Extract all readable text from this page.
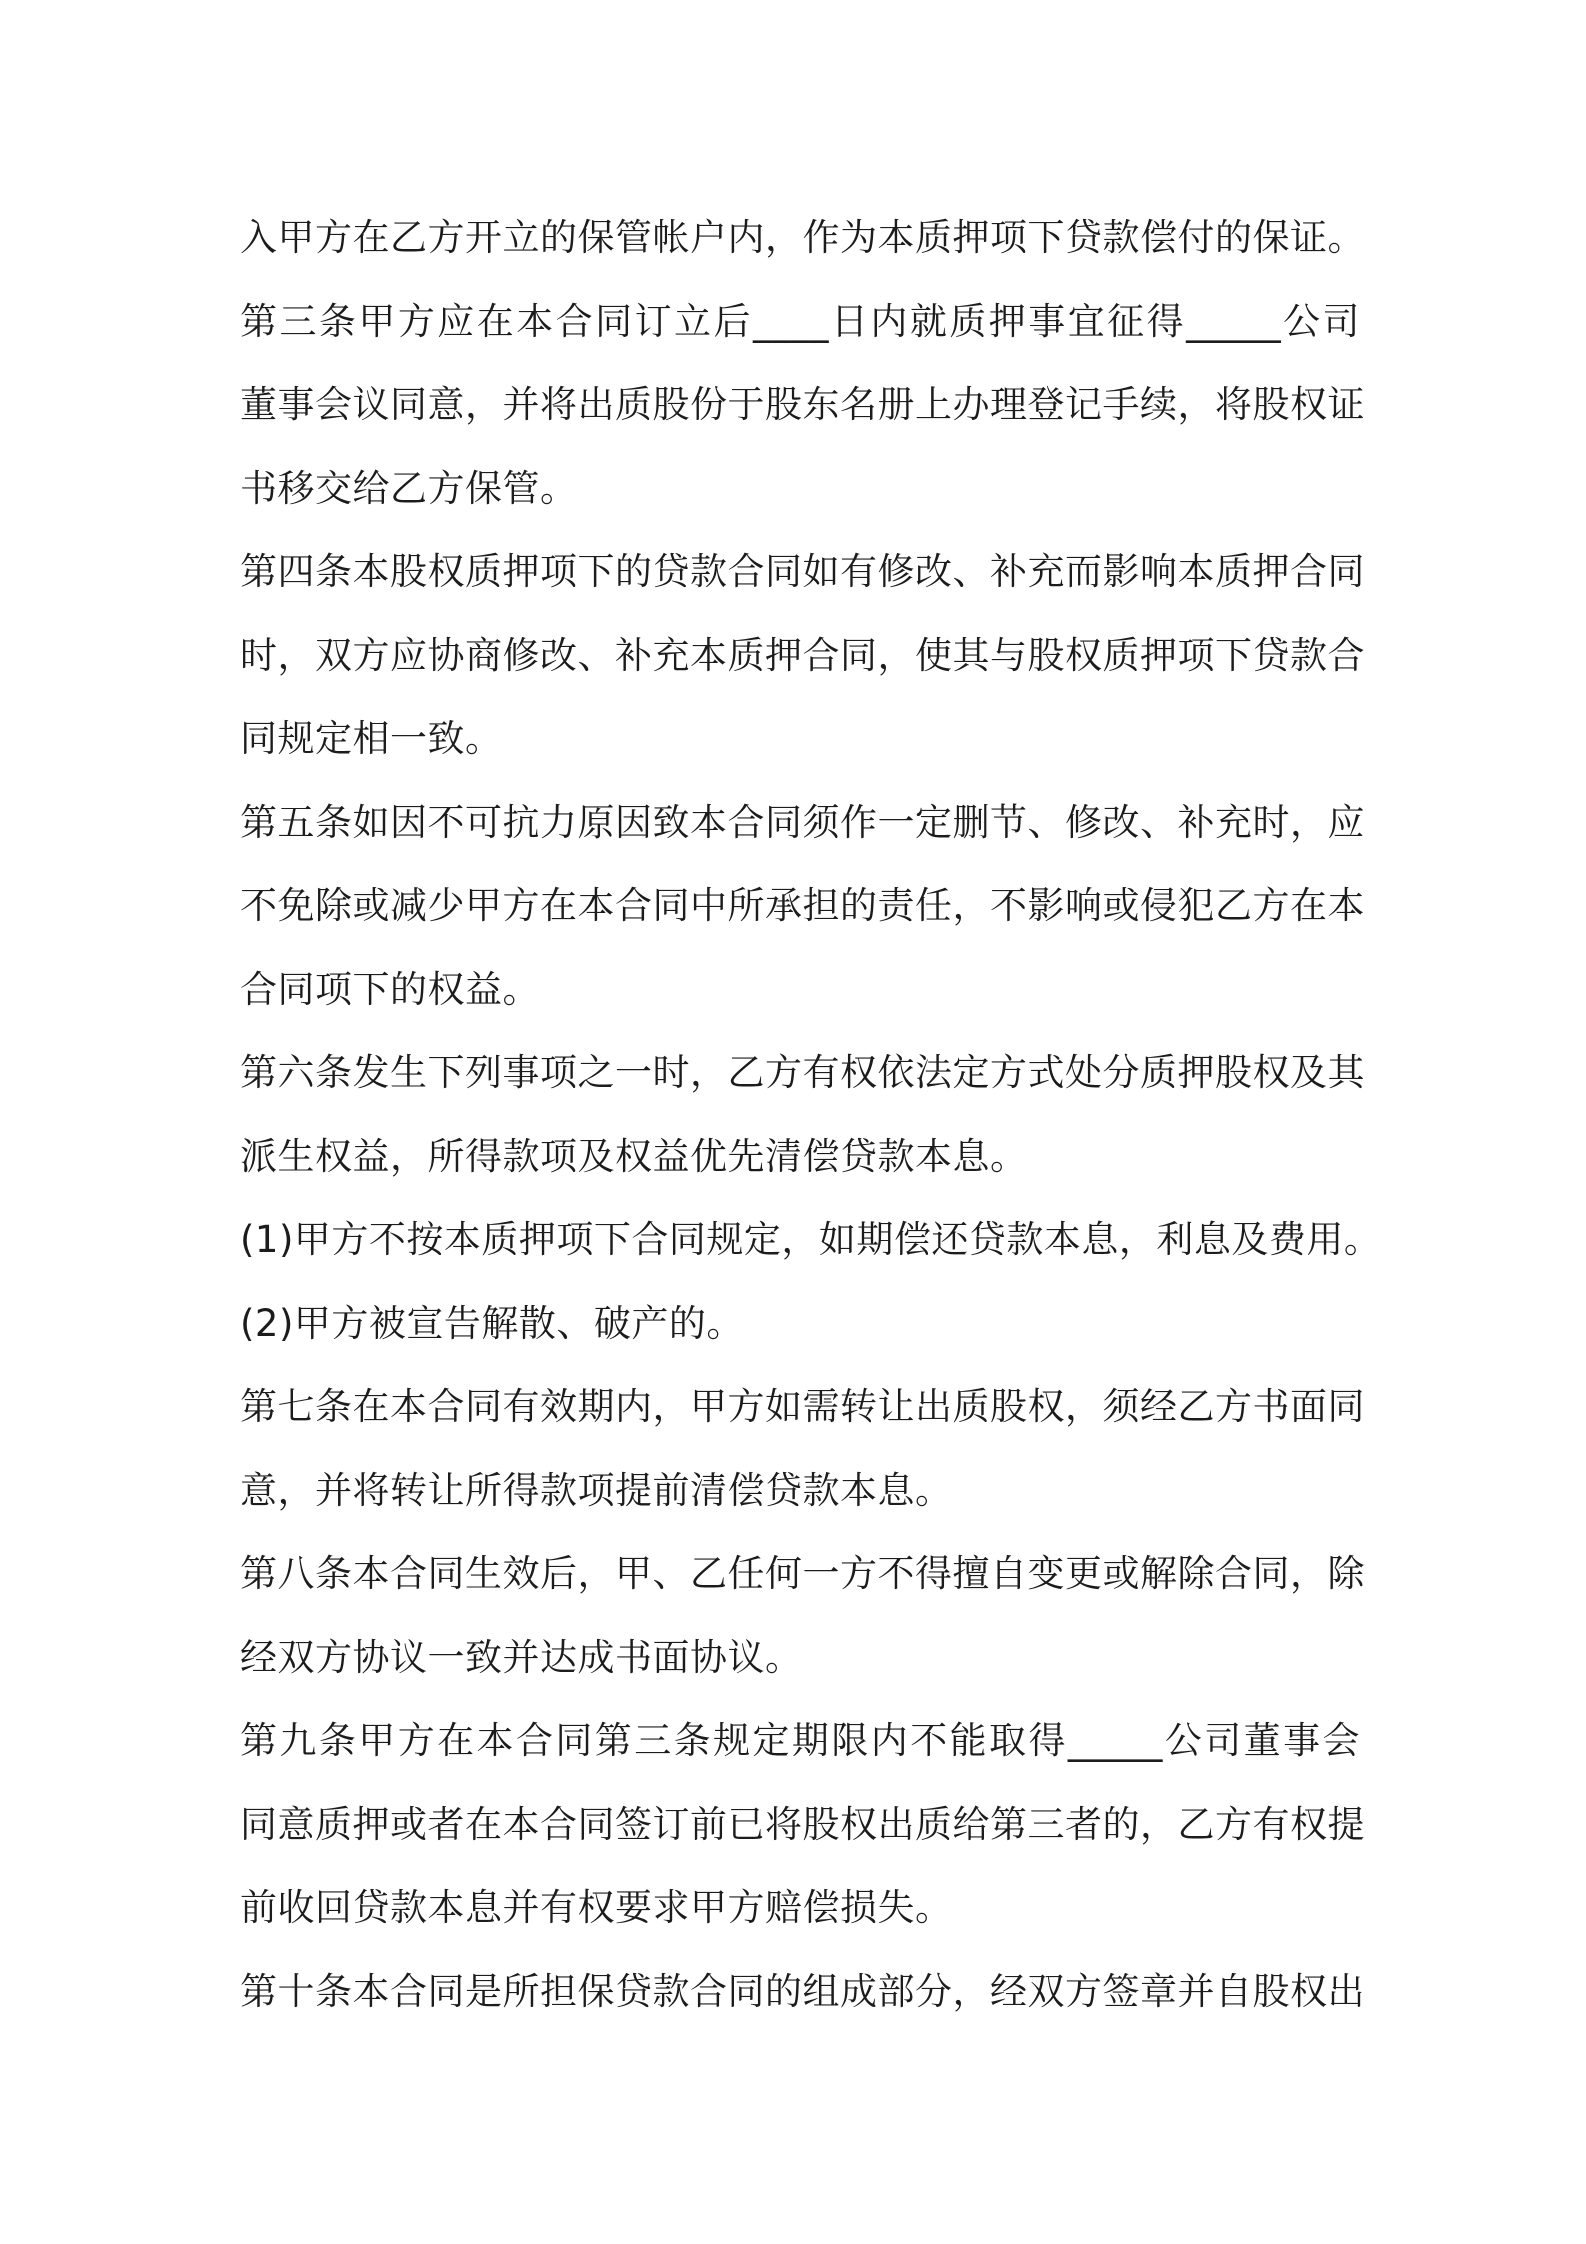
入甲方在乙方开立的保管帐户内，作为本质押项下贷款偿付的保证。
第三条甲方应在本合同订立后____日内就质押事宜征得_____公司
董事会议同意，并将出质股份于股东名册上办理登记手续，将股权证
书移交给乙方保管。
第四条本股权质押项下的贷款合同如有修改、补充而影响本质押合同
时，双方应协商修改、补充本质押合同，使其与股权质押项下贷款合
同规定相一致。
第五条如因不可抗力原因致本合同须作一定删节、修改、补充时，应
不免除或减少甲方在本合同中所承担的责任，不影响或侵犯乙方在本
合同项下的权益。
第六条发生下列事项之一时，乙方有权依法定方式处分质押股权及其
派生权益，所得款项及权益优先清偿贷款本息。
(1)甲方不按本质押项下合同规定，如期偿还贷款本息，利息及费用。
(2)甲方被宣告解散、破产的。
第七条在本合同有效期内，甲方如需转让出质股权，须经乙方书面同
意，并将转让所得款项提前清偿贷款本息。
第八条本合同生效后，甲、乙任何一方不得擅自变更或解除合同，除
经双方协议一致并达成书面协议。
第九条甲方在本合同第三条规定期限内不能取得_____公司董事会
同意质押或者在本合同签订前已将股权出质给第三者的，乙方有权提
前收回贷款本息并有权要求甲方赔偿损失。
第十条本合同是所担保贷款合同的组成部分，经双方签章并自股权出
